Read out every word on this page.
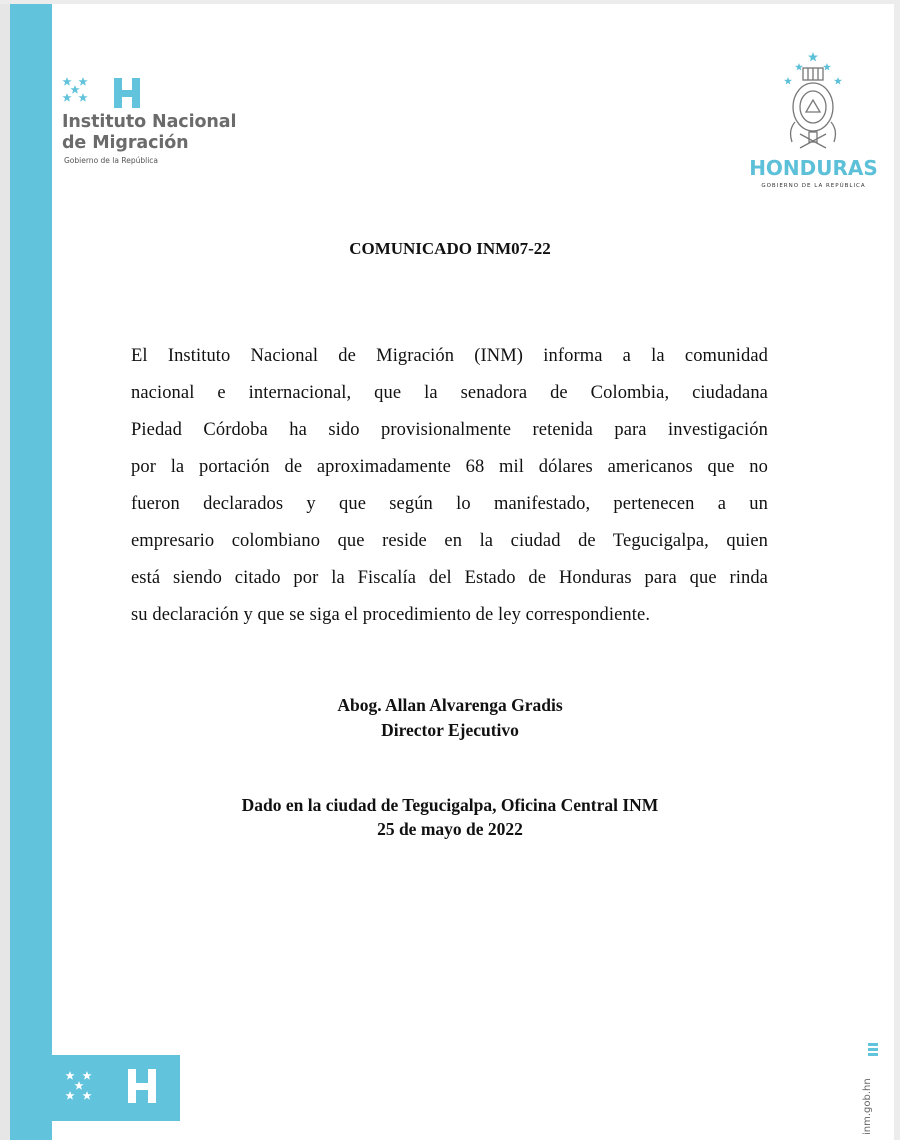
Instituto Nacional
de Migración
Gobierno de la República	HONDURAS
GOBIERNO DE LA REPÚBLICA
COMUNICADO INM07-22
El Instituto Nacional de Migración (INM) informa a la comunidad
nacional e internacional, que la senadora de Colombia, ciudadana
Piedad Córdoba ha sido provisionalmente retenida para investigación
por la portación de aproximadamente 68 mil dólares americanos que no
fueron declarados y que según lo manifestado, pertenecen a un
empresario colombiano que reside en la ciudad de Tegucigalpa, quien
está siendo citado por la Fiscalía del Estado de Honduras para que rinda
su declaración y que se siga el procedimiento de ley correspondiente.
Abog. Allan Alvarenga Gradis
Director Ejecutivo
Dado en la ciudad de Tegucigalpa, Oficina Central INM
25 de mayo de 2022
inm.gob.hn
